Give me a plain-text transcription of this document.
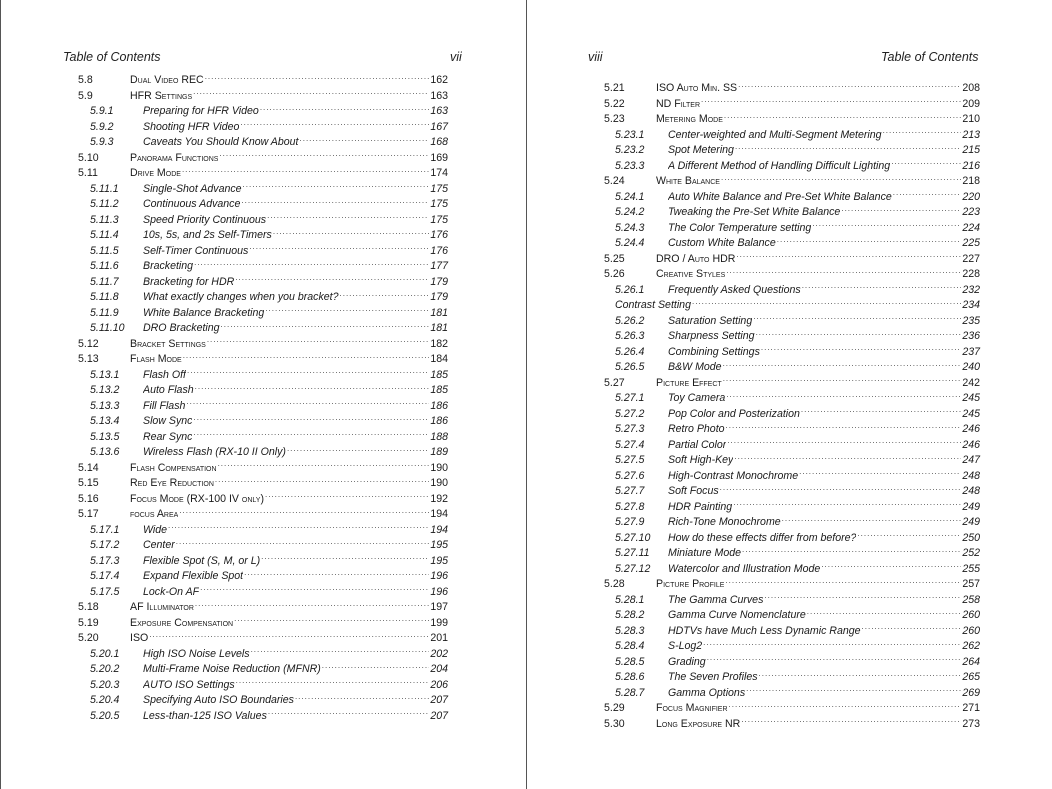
Table of Contents	vii
5.8	Dual Video REC .....	162
5.9	HFR Settings .....	163
5.9.1	Preparing for HFR Video .....	163
5.9.2	Shooting HFR Video .....	167
5.9.3	Caveats You Should Know About .....	168
5.10	Panorama Functions .....	169
5.11	Drive Mode .....	174
5.11.1	Single-Shot Advance .....	175
5.11.2	Continuous Advance .....	175
5.11.3	Speed Priority Continuous .....	175
5.11.4	10s, 5s, and 2s Self-Timers .....	176
5.11.5	Self-Timer Continuous .....	176
5.11.6	Bracketing .....	177
5.11.7	Bracketing for HDR .....	179
5.11.8	What exactly changes when you bracket? .....	179
5.11.9	White Balance Bracketing .....	181
5.11.10	DRO Bracketing .....	181
5.12	Bracket Settings .....	182
5.13	Flash Mode .....	184
5.13.1	Flash Off .....	185
5.13.2	Auto Flash .....	185
5.13.3	Fill Flash .....	186
5.13.4	Slow Sync .....	186
5.13.5	Rear Sync .....	188
5.13.6	Wireless Flash (RX-10 II Only) .....	189
5.14	Flash Compensation .....	190
5.15	Red Eye Reduction .....	190
5.16	Focus Mode (RX-100 IV only) .....	192
5.17	focus Area .....	194
5.17.1	Wide .....	194
5.17.2	Center .....	195
5.17.3	Flexible Spot (S, M, or L) .....	195
5.17.4	Expand Flexible Spot .....	196
5.17.5	Lock-On AF .....	196
5.18	AF Illuminator .....	197
5.19	Exposure Compensation .....	199
5.20	ISO .....	201
5.20.1	High ISO Noise Levels .....	202
5.20.2	Multi-Frame Noise Reduction (MFNR) .....	204
5.20.3	AUTO ISO Settings .....	206
5.20.4	Specifying Auto ISO Boundaries .....	207
5.20.5	Less-than-125 ISO Values .....	207
viii	Table of Contents
5.21	ISO Auto Min. SS .....	208
5.22	ND Filter .....	209
5.23	Metering Mode .....	210
5.23.1	Center-weighted and Multi-Segment Metering .....	213
5.23.2	Spot Metering .....	215
5.23.3	A Different Method of Handling Difficult Lighting .....	216
5.24	White Balance .....	218
5.24.1	Auto White Balance and Pre-Set White Balance .....	220
5.24.2	Tweaking the Pre-Set White Balance .....	223
5.24.3	The Color Temperature setting .....	224
5.24.4	Custom White Balance .....	225
5.25	DRO / Auto HDR .....	227
5.26	Creative Styles .....	228
5.26.1	Frequently Asked Questions .....	232
Contrast Setting .....	234
5.26.2	Saturation Setting .....	235
5.26.3	Sharpness Setting .....	236
5.26.4	Combining Settings .....	237
5.26.5	B&W Mode .....	240
5.27	Picture Effect .....	242
5.27.1	Toy Camera .....	245
5.27.2	Pop Color and Posterization .....	245
5.27.3	Retro Photo .....	246
5.27.4	Partial Color .....	246
5.27.5	Soft High-Key .....	247
5.27.6	High-Contrast Monochrome .....	248
5.27.7	Soft Focus .....	248
5.27.8	HDR Painting .....	249
5.27.9	Rich-Tone Monochrome .....	249
5.27.10	How do these effects differ from before? .....	250
5.27.11	Miniature Mode .....	252
5.27.12	Watercolor and Illustration Mode .....	255
5.28	Picture Profile .....	257
5.28.1	The Gamma Curves .....	258
5.28.2	Gamma Curve Nomenclature .....	260
5.28.3	HDTVs have Much Less Dynamic Range .....	260
5.28.4	S-Log2 .....	262
5.28.5	Grading .....	264
5.28.6	The Seven Profiles .....	265
5.28.7	Gamma Options .....	269
5.29	Focus Magnifier .....	271
5.30	Long Exposure NR .....	273
